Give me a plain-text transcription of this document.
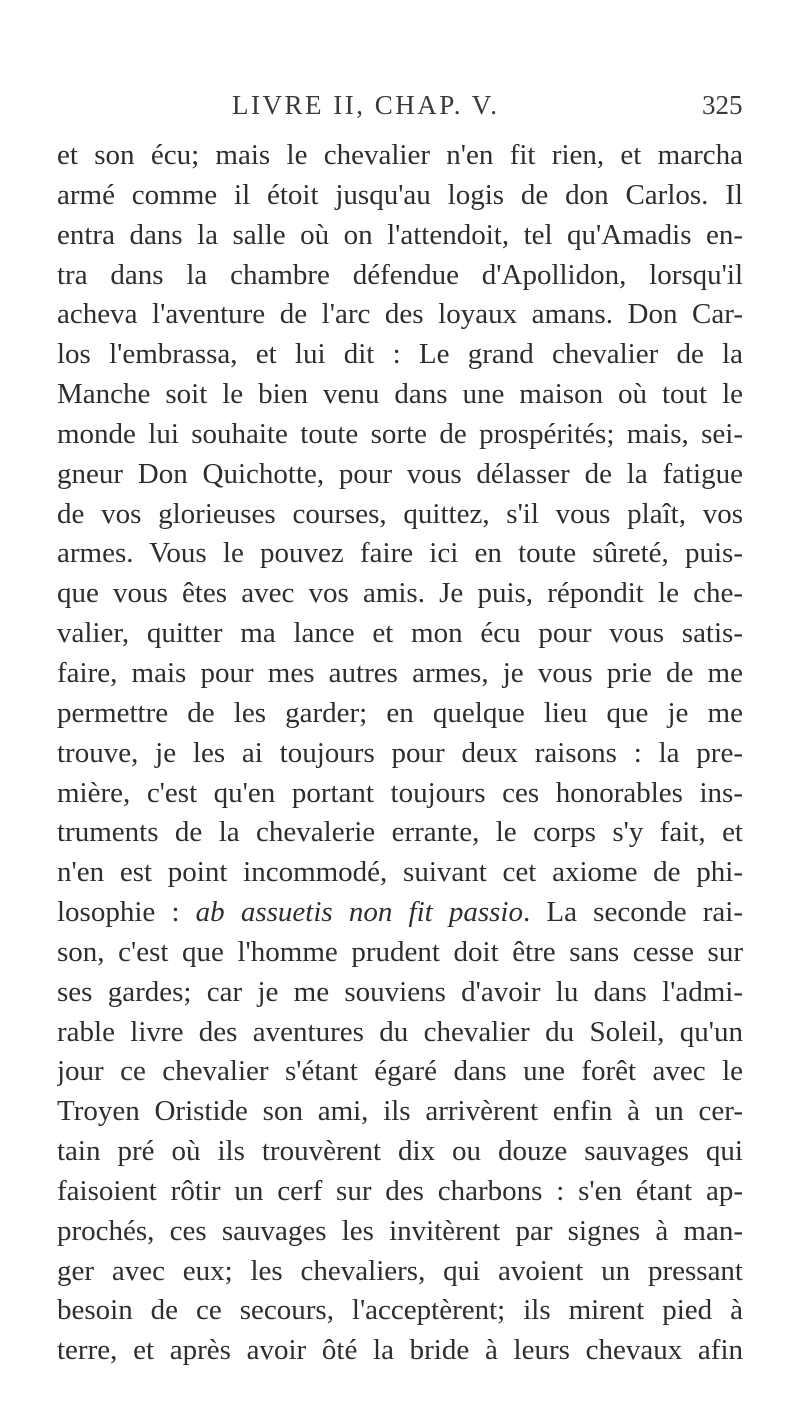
LIVRE II, CHAP. V.	325
et son écu; mais le chevalier n'en fit rien, et marcha
armé comme il étoit jusqu'au logis de don Carlos. Il
entra dans la salle où on l'attendoit, tel qu'Amadis en-
tra dans la chambre défendue d'Apollidon, lorsqu'il
acheva l'aventure de l'arc des loyaux amans. Don Car-
los l'embrassa, et lui dit : Le grand chevalier de la
Manche soit le bien venu dans une maison où tout le
monde lui souhaite toute sorte de prospérités; mais, sei-
gneur Don Quichotte, pour vous délasser de la fatigue
de vos glorieuses courses, quittez, s'il vous plaît, vos
armes. Vous le pouvez faire ici en toute sûreté, puis-
que vous êtes avec vos amis. Je puis, répondit le che-
valier, quitter ma lance et mon écu pour vous satis-
faire, mais pour mes autres armes, je vous prie de me
permettre de les garder; en quelque lieu que je me
trouve, je les ai toujours pour deux raisons : la pre-
mière, c'est qu'en portant toujours ces honorables ins-
truments de la chevalerie errante, le corps s'y fait, et
n'en est point incommodé, suivant cet axiome de phi-
losophie : ab assuetis non fit passio. La seconde rai-
son, c'est que l'homme prudent doit être sans cesse sur
ses gardes; car je me souviens d'avoir lu dans l'admi-
rable livre des aventures du chevalier du Soleil, qu'un
jour ce chevalier s'étant égaré dans une forêt avec le
Troyen Oristide son ami, ils arrivèrent enfin à un cer-
tain pré où ils trouvèrent dix ou douze sauvages qui
faisoient rôtir un cerf sur des charbons : s'en étant ap-
prochés, ces sauvages les invitèrent par signes à man-
ger avec eux; les chevaliers, qui avoient un pressant
besoin de ce secours, l'acceptèrent; ils mirent pied à
terre, et après avoir ôté la bride à leurs chevaux afin
